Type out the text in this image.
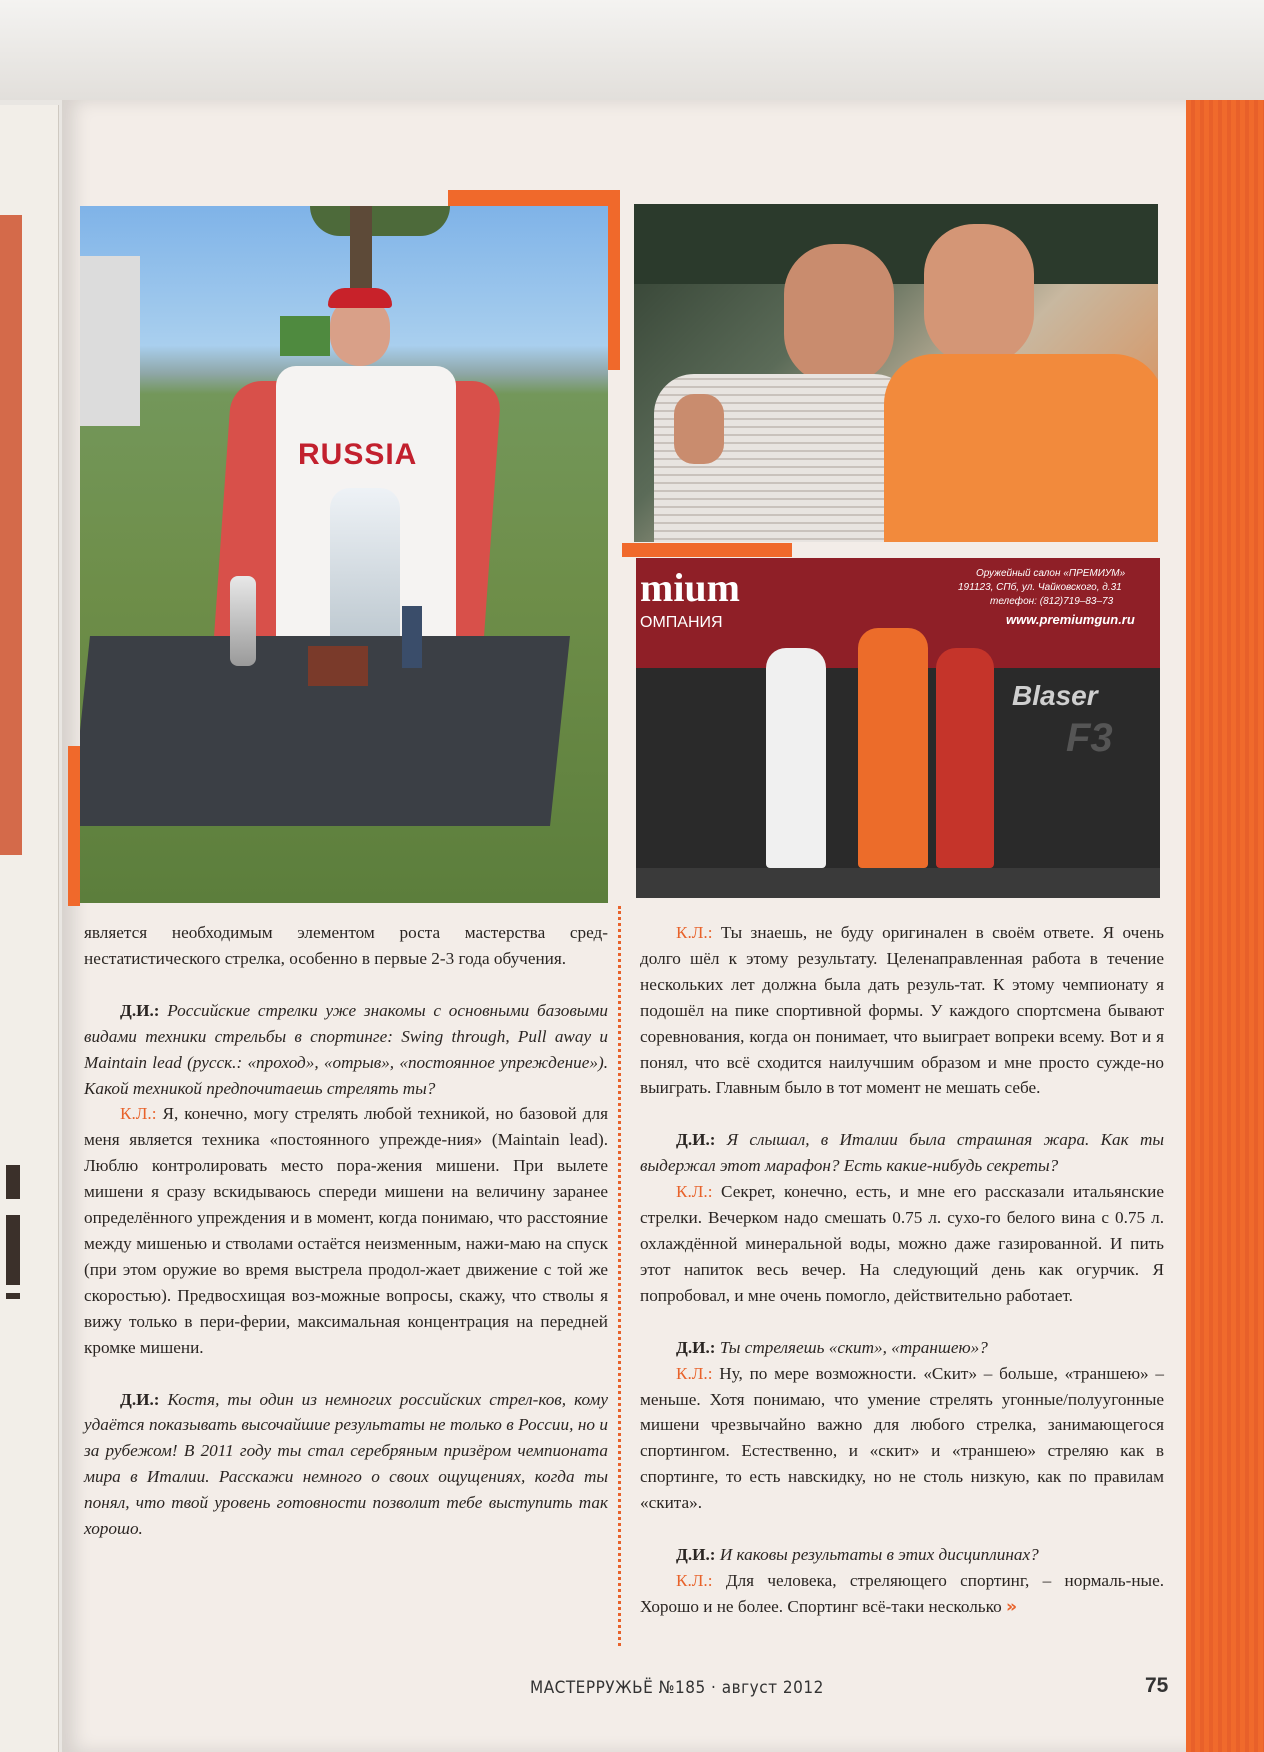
RUSSIA
mium
ОМПАНИЯ
Оружейный салон «ПРЕМИУМ»
191123, СПб, ул. Чайковского, д.31
телефон: (812)719–83–73
www.premiumgun.ru
Blaser
F3

является необходимым элементом роста мастерства сред-нестатистического стрелка, особенно в первые 2-3 года обучения.

Д.И.: Российские стрелки уже знакомы с основными базовыми видами техники стрельбы в спортинге: Swing through, Pull away и Maintain lead (русск.: «проход», «отрыв», «постоянное упреждение»). Какой техникой предпочитаешь стрелять ты?

К.Л.: Я, конечно, могу стрелять любой техникой, но базовой для меня является техника «постоянного упрежде-ния» (Maintain lead). Люблю контролировать место пора-жения мишени. При вылете мишени я сразу вскидываюсь спереди мишени на величину заранее определённого упреждения и в момент, когда понимаю, что расстояние между мишенью и стволами остаётся неизменным, нажи-маю на спуск (при этом оружие во время выстрела продол-жает движение с той же скоростью). Предвосхищая воз-можные вопросы, скажу, что стволы я вижу только в пери-ферии, максимальная концентрация на передней кромке мишени.

Д.И.: Костя, ты один из немногих российских стрел-ков, кому удаётся показывать высочайшие результаты не только в России, но и за рубежом! В 2011 году ты стал серебряным призёром чемпионата мира в Италии. Расскажи немного о своих ощущениях, когда ты понял, что твой уровень готовности позволит тебе выступить так хорошо.

К.Л.: Ты знаешь, не буду оригинален в своём ответе. Я очень долго шёл к этому результату. Целенаправленная работа в течение нескольких лет должна была дать резуль-тат. К этому чемпионату я подошёл на пике спортивной формы. У каждого спортсмена бывают соревнования, когда он понимает, что выиграет вопреки всему. Вот и я понял, что всё сходится наилучшим образом и мне просто сужде-но выиграть. Главным было в тот момент не мешать себе.

Д.И.: Я слышал, в Италии была страшная жара. Как ты выдержал этот марафон? Есть какие-нибудь секреты?

К.Л.: Секрет, конечно, есть, и мне его рассказали итальянские стрелки. Вечерком надо смешать 0.75 л. сухо-го белого вина с 0.75 л. охлаждённой минеральной воды, можно даже газированной. И пить этот напиток весь вечер. На следующий день как огурчик. Я попробовал, и мне очень помогло, действительно работает.

Д.И.: Ты стреляешь «скит», «траншею»?

К.Л.: Ну, по мере возможности. «Скит» – больше, «траншею» – меньше. Хотя понимаю, что умение стрелять угонные/полуугонные мишени чрезвычайно важно для любого стрелка, занимающегося спортингом. Естественно, и «скит» и «траншею» стреляю как в спортинге, то есть навскидку, но не столь низкую, как по правилам «скита».

Д.И.: И каковы результаты в этих дисциплинах?

К.Л.: Для человека, стреляющего спортинг, – нормаль-ные. Хорошо и не более. Спортинг всё-таки несколько »

МАСТЕРРУЖЬЁ №185 · август 2012	75
